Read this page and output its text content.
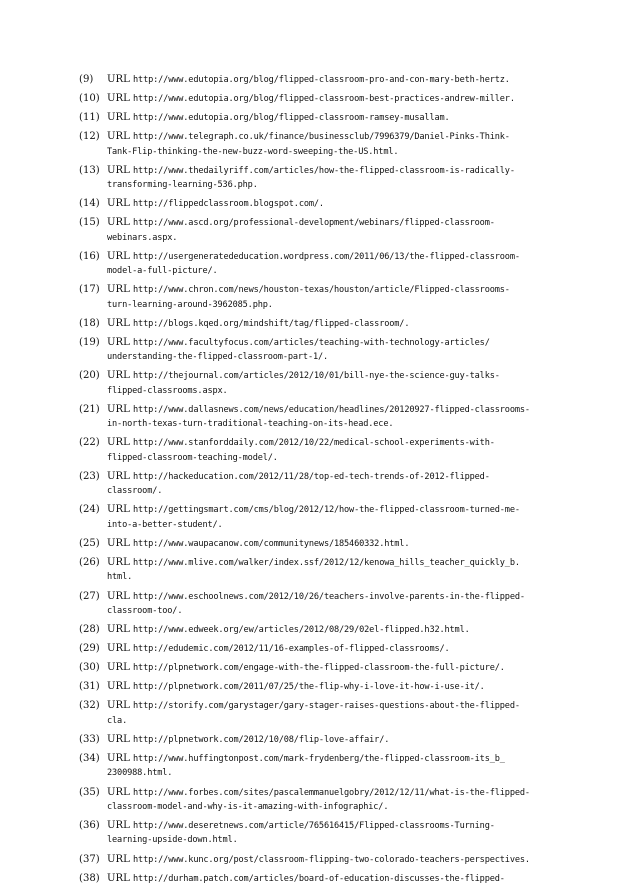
(9)	URL http://www.edutopia.org/blog/flipped-classroom-pro-and-con-mary-beth-hertz.
(10) URL http://www.edutopia.org/blog/flipped-classroom-best-practices-andrew-miller.
(11) URL http://www.edutopia.org/blog/flipped-classroom-ramsey-musallam.
(12) URL http://www.telegraph.co.uk/finance/businessclub/7996379/Daniel-Pinks-Think-
Tank-Flip-thinking-the-new-buzz-word-sweeping-the-US.html.
(13) URL http://www.thedailyriff.com/articles/how-the-flipped-classroom-is-radically-
transforming-learning-536.php.
(14) URL http://flippedclassroom.blogspot.com/.
(15) URL http://www.ascd.org/professional-development/webinars/flipped-classroom-
webinars.aspx.
(16) URL http://usergeneratededucation.wordpress.com/2011/06/13/the-flipped-classroom-
model-a-full-picture/.
(17) URL http://www.chron.com/news/houston-texas/houston/article/Flipped-classrooms-
turn-learning-around-3962085.php.
(18) URL http://blogs.kqed.org/mindshift/tag/flipped-classroom/.
(19) URL http://www.facultyfocus.com/articles/teaching-with-technology-articles/
understanding-the-flipped-classroom-part-1/.
(20) URL http://thejournal.com/articles/2012/10/01/bill-nye-the-science-guy-talks-
flipped-classrooms.aspx.
(21) URL http://www.dallasnews.com/news/education/headlines/20120927-flipped-classrooms-
in-north-texas-turn-traditional-teaching-on-its-head.ece.
(22) URL http://www.stanforddaily.com/2012/10/22/medical-school-experiments-with-
flipped-classroom-teaching-model/.
(23) URL http://hackeducation.com/2012/11/28/top-ed-tech-trends-of-2012-flipped-
classroom/.
(24) URL http://gettingsmart.com/cms/blog/2012/12/how-the-flipped-classroom-turned-me-
into-a-better-student/.
(25) URL http://www.waupacanow.com/communitynews/185460332.html.
(26) URL http://www.mlive.com/walker/index.ssf/2012/12/kenowa_hills_teacher_quickly_b.
html.
(27) URL http://www.eschoolnews.com/2012/10/26/teachers-involve-parents-in-the-flipped-
classroom-too/.
(28) URL http://www.edweek.org/ew/articles/2012/08/29/02el-flipped.h32.html.
(29) URL http://edudemic.com/2012/11/16-examples-of-flipped-classrooms/.
(30) URL http://plpnetwork.com/engage-with-the-flipped-classroom-the-full-picture/.
(31) URL http://plpnetwork.com/2011/07/25/the-flip-why-i-love-it-how-i-use-it/.
(32) URL http://storify.com/garystager/gary-stager-raises-questions-about-the-flipped-
cla.
(33) URL http://plpnetwork.com/2012/10/08/flip-love-affair/.
(34) URL http://www.huffingtonpost.com/mark-frydenberg/the-flipped-classroom-its_b_
2300988.html.
(35) URL http://www.forbes.com/sites/pascalemmanuelgobry/2012/12/11/what-is-the-flipped-
classroom-model-and-why-is-it-amazing-with-infographic/.
(36) URL http://www.deseretnews.com/article/765616415/Flipped-classrooms-Turning-
learning-upside-down.html.
(37) URL http://www.kunc.org/post/classroom-flipping-two-colorado-teachers-perspectives.
(38) URL http://durham.patch.com/articles/board-of-education-discusses-the-flipped-
